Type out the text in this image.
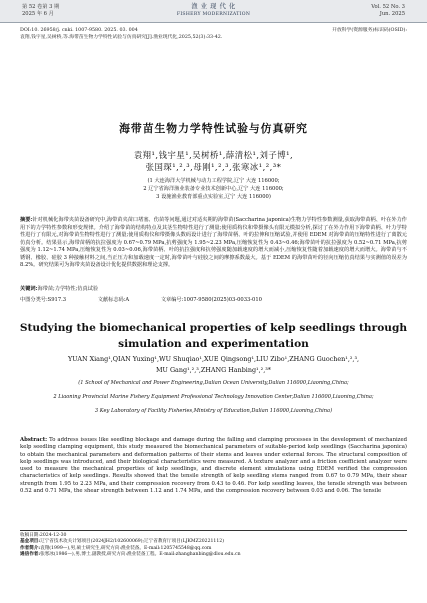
第 52 卷第 3 期
2025 年 6 月
渔 业 现 代 化
FISHERY MODERNIZATION
Vol. 52 No. 3
Jun. 2025
DOI:10. 26958/j. cnki. 1007-9580. 2025. 03. 004	开放科学(资源服务)标识码(OSID):
袁翔,钱宇星,吴树桥,等.海带苗生物力学特性试验与仿真研究[J].渔业现代化,2025,52(3):33-42.
海带苗生物力学特性试验与仿真研究
袁翔¹,钱宇星¹,吴树桥¹,薛清松¹,刘子博¹,
张国琛¹,²,³,母刚¹,²,³,张寒冰¹,²,³*
(1 大连海洋大学机械与动力工程学院,辽宁 大连 116000;
2 辽宁省海洋渔业装备专业技术创新中心,辽宁 大连 116000;
3 设施渔业教育部重点实验室,辽宁 大连 116000)
摘要:针对机械化海带夹苗设备研究中,海带苗夹苗口堵塞、伤苗等问题,通过对适夹期的海带苗(Saccharina japonica)生物力学特性参数测量,获取海带苗柄、叶在外力作用下的力学特性参数和形变规律。介绍了海带苗的结构特点及其茎生物特性进行了测量;使用质构仪和带摄像头有限元模拟分析,探讨了在外力作用下海带苗柄、叶力学特性进行了有限元,对海带苗生物特性进行了测量;使用质构仪和带摄像头数码设计进行了海带苗柄、叶的拉伸和压缩试验,并使用 EDEM 对海带苗的压缩特性进行了离散元仿真分析。结果显示,海带苗柄的抗拉强度为 0.67~0.79 MPa,抗剪强度为 1.95~2.23 MPa,压缩恢复性为 0.43~0.46;海带苗叶的抗拉强度为 0.52~0.71 MPa,抗剪强度为 1.12~1.74 MPa,压缩恢复性为 0.03~0.06,海带苗柄、叶的抗拉强度和抗剪强度随加载速度的增大而减小,压缩恢复性随着加载速度的增大而增大。海带苗与不锈钢、橡胶、硅胶 3 种接触材料之间,当正压力和加载速度一定时,海带苗叶与硅胶之间的摩擦系数最大。基于 EDEM 的海带苗叶的径向压缩仿真结果与实测值的误差为 8.2%。研究结果可为海带夹苗设备设计优化提供数据和理论支撑。
关键词:海带苗;力学特性;仿真试验
中图分类号:S917.3	文献标志码:A	文章编号:1007-9580(2025)03-0033-010
Studying the biomechanical properties of kelp seedlings through
simulation and experimentation
YUAN Xiang¹,QIAN Yuxing¹,WU Shuqiao¹,XUE Qingsong¹,LIU Zibo¹,ZHANG Guochen¹,²,³,
MU Gang¹,²,³,ZHANG Hanbing¹,²,³*
(1 School of Mechanical and Power Engineering,Dalian Ocean University,Dalian 116000,Liaoning,China;
2 Liaoning Provincial Marine Fishery Equipment Professional Technology Innovation Center,Dalian 116000,Liaoning,China;
3 Key Laboratory of Facility Fisheries,Ministry of Education,Dalian 116000,Liaoning,China)
Abstract: To address issues like seedling blockage and damage during the falling and clamping processes in the development of mechanized kelp seedling clamping equipment, this study measured the biomechanical parameters of suitable-period kelp seedlings (Saccharina japonica) to obtain the mechanical parameters and deformation patterns of their stems and leaves under external forces. The structural composition of kelp seedlings was introduced, and their biological characteristics were measured. A texture analyzer and a friction coefficient analyzer were used to measure the mechanical properties of kelp seedlings, and discrete element simulations using EDEM verified the compression characteristics of kelp seedlings. Results showed that the tensile strength of kelp seedling stems ranged from 0.67 to 0.79 MPa, their shear strength from 1.95 to 2.23 MPa, and their compression recovery from 0.43 to 0.46. For kelp seedling leaves, the tensile strength was between 0.52 and 0.71 MPa, the shear strength between 1.12 and 1.74 MPa, and the compression recovery between 0.03 and 0.06. The tensile
收稿日期:2024-12-30
基金项目:辽宁省技术攻关计划项目(2024JH2/102600069);辽宁省教育厅项目(LJKMZ20221112)
作者简介:袁翔(1999—),男,硕士研究生,研究方向:渔业装备。E-mail:1205745548@qq.com
通信作者:张寒冰(1986—),男,博士,副教授,研究方向:渔业装备工程。E-mail:zhanghanbing@dlou.edu.cn
